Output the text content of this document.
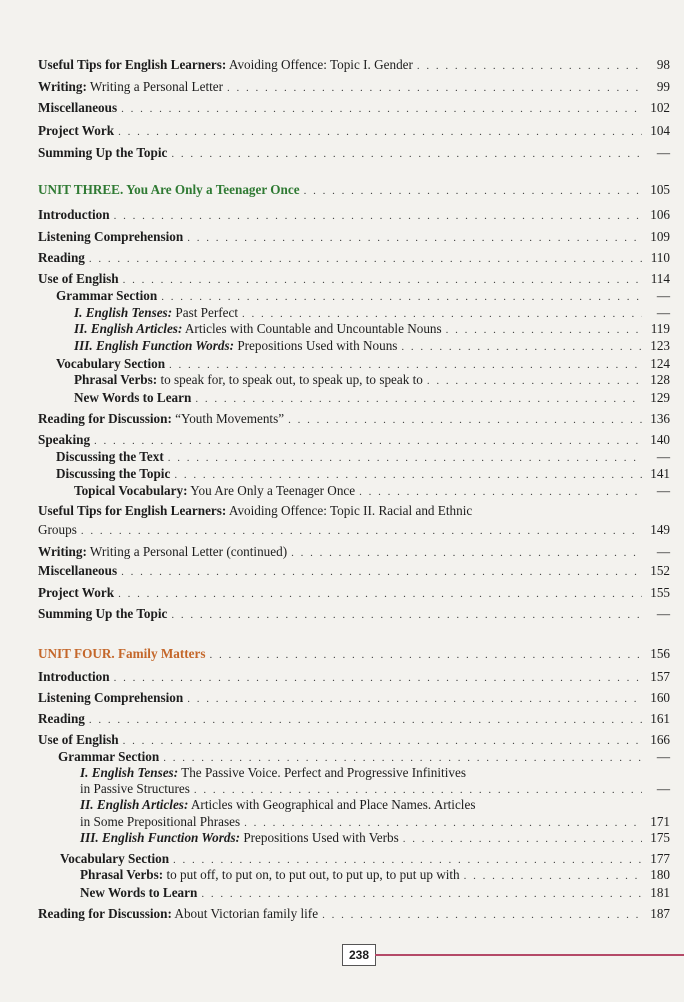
Useful Tips for English Learners: Avoiding Offence: Topic I. Gender . . .	98
Writing: Writing a Personal Letter . . .	99
Miscellaneous . . .	102
Project Work . . .	104
Summing Up the Topic . . .	—
UNIT THREE. You Are Only a Teenager Once . . .	105
Introduction . . .	106
Listening Comprehension . . .	109
Reading . . .	110
Use of English . . .	114
Grammar Section . . .	—
I. English Tenses: Past Perfect . . .	—
II. English Articles: Articles with Countable and Uncountable Nouns . . .	119
III. English Function Words: Prepositions Used with Nouns . . .	123
Vocabulary Section . . .	124
Phrasal Verbs: to speak for, to speak out, to speak up, to speak to . . .	128
New Words to Learn . . .	129
Reading for Discussion: “Youth Movements” . . .	136
Speaking . . .	140
Discussing the Text . . .	—
Discussing the Topic . . .	141
Topical Vocabulary: You Are Only a Teenager Once . . .	—
Useful Tips for English Learners: Avoiding Offence: Topic II. Racial and Ethnic
Groups . . .	149
Writing: Writing a Personal Letter (continued) . . .	—
Miscellaneous . . .	152
Project Work . . .	155
Summing Up the Topic . . .	—
UNIT FOUR. Family Matters . . .	156
Introduction . . .	157
Listening Comprehension . . .	160
Reading . . .	161
Use of English . . .	166
Grammar Section . . .	—
I. English Tenses: The Passive Voice. Perfect and Progressive Infinitives
in Passive Structures . . .	—
II. English Articles: Articles with Geographical and Place Names. Articles
in Some Prepositional Phrases . . .	171
III. English Function Words: Prepositions Used with Verbs . . .	175
Vocabulary Section . . .	177
Phrasal Verbs: to put off, to put on, to put out, to put up, to put up with . . .	180
New Words to Learn . . .	181
Reading for Discussion: About Victorian family life . . .	187
238
